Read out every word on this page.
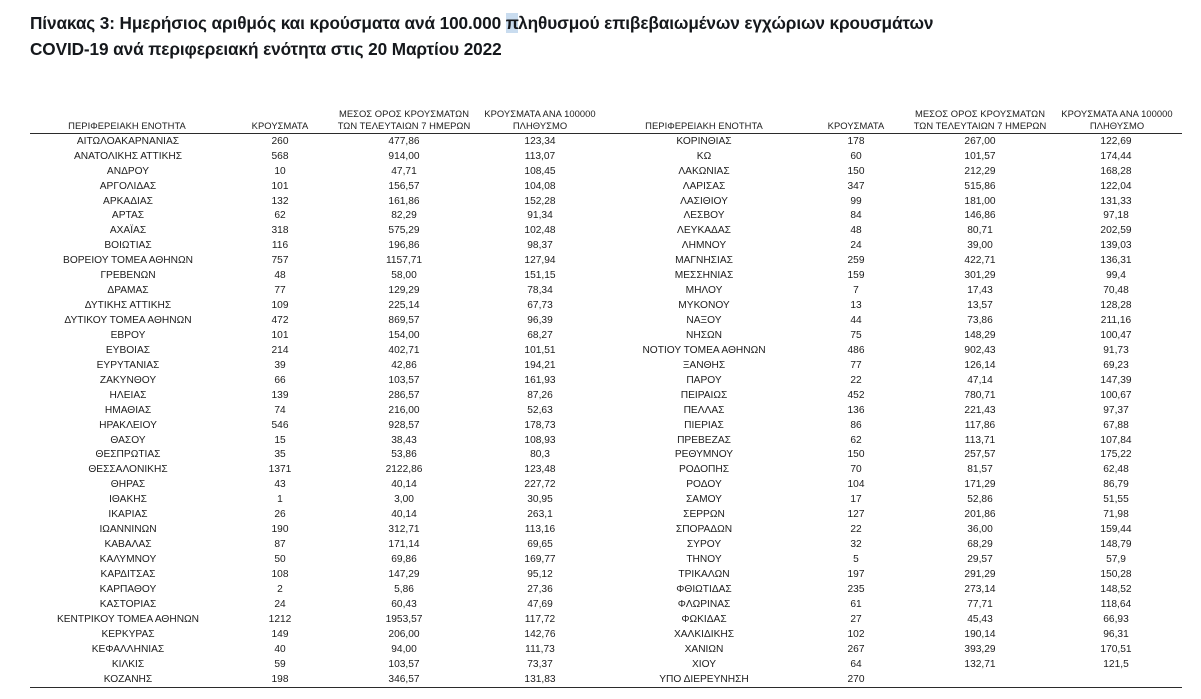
Πίνακας 3: Ημερήσιος αριθμός και κρούσματα ανά 100.000 πληθυσμού επιβεβαιωμένων εγχώριων κρουσμάτων
COVID-19 ανά περιφερειακή ενότητα στις 20 Μαρτίου 2022

ΠΕΡΙΦΕΡΕΙΑΚΗ ΕΝΟΤΗΤΑ	ΚΡΟΥΣΜΑΤΑ	ΜΕΣΟΣ ΟΡΟΣ ΚΡΟΥΣΜΑΤΩΝ
ΤΩΝ ΤΕΛΕΥΤΑΙΩΝ 7 ΗΜΕΡΩΝ	ΚΡΟΥΣΜΑΤΑ ΑΝΑ 100000
ΠΛΗΘΥΣΜΟ
ΑΙΤΩΛΟΑΚΑΡΝΑΝΙΑΣ	260	477,86	123,34
ΑΝΑΤΟΛΙΚΗΣ ΑΤΤΙΚΗΣ	568	914,00	113,07
ΑΝΔΡΟΥ	10	47,71	108,45
ΑΡΓΟΛΙΔΑΣ	101	156,57	104,08
ΑΡΚΑΔΙΑΣ	132	161,86	152,28
ΑΡΤΑΣ	62	82,29	91,34
ΑΧΑΪΑΣ	318	575,29	102,48
ΒΟΙΩΤΙΑΣ	116	196,86	98,37
ΒΟΡΕΙΟΥ ΤΟΜΕΑ ΑΘΗΝΩΝ	757	1157,71	127,94
ΓΡΕΒΕΝΩΝ	48	58,00	151,15
ΔΡΑΜΑΣ	77	129,29	78,34
ΔΥΤΙΚΗΣ ΑΤΤΙΚΗΣ	109	225,14	67,73
ΔΥΤΙΚΟΥ ΤΟΜΕΑ ΑΘΗΝΩΝ	472	869,57	96,39
ΕΒΡΟΥ	101	154,00	68,27
ΕΥΒΟΙΑΣ	214	402,71	101,51
ΕΥΡΥΤΑΝΙΑΣ	39	42,86	194,21
ΖΑΚΥΝΘΟΥ	66	103,57	161,93
ΗΛΕΙΑΣ	139	286,57	87,26
ΗΜΑΘΙΑΣ	74	216,00	52,63
ΗΡΑΚΛΕΙΟΥ	546	928,57	178,73
ΘΑΣΟΥ	15	38,43	108,93
ΘΕΣΠΡΩΤΙΑΣ	35	53,86	80,3
ΘΕΣΣΑΛΟΝΙΚΗΣ	1371	2122,86	123,48
ΘΗΡΑΣ	43	40,14	227,72
ΙΘΑΚΗΣ	1	3,00	30,95
ΙΚΑΡΙΑΣ	26	40,14	263,1
ΙΩΑΝΝΙΝΩΝ	190	312,71	113,16
ΚΑΒΑΛΑΣ	87	171,14	69,65
ΚΑΛΥΜΝΟΥ	50	69,86	169,77
ΚΑΡΔΙΤΣΑΣ	108	147,29	95,12
ΚΑΡΠΑΘΟΥ	2	5,86	27,36
ΚΑΣΤΟΡΙΑΣ	24	60,43	47,69
ΚΕΝΤΡΙΚΟΥ ΤΟΜΕΑ ΑΘΗΝΩΝ	1212	1953,57	117,72
ΚΕΡΚΥΡΑΣ	149	206,00	142,76
ΚΕΦΑΛΛΗΝΙΑΣ	40	94,00	111,73
ΚΙΛΚΙΣ	59	103,57	73,37
ΚΟΖΑΝΗΣ	198	346,57	131,83

ΠΕΡΙΦΕΡΕΙΑΚΗ ΕΝΟΤΗΤΑ	ΚΡΟΥΣΜΑΤΑ	ΜΕΣΟΣ ΟΡΟΣ ΚΡΟΥΣΜΑΤΩΝ
ΤΩΝ ΤΕΛΕΥΤΑΙΩΝ 7 ΗΜΕΡΩΝ	ΚΡΟΥΣΜΑΤΑ ΑΝΑ 100000
ΠΛΗΘΥΣΜΟ
ΚΟΡΙΝΘΙΑΣ	178	267,00	122,69
ΚΩ	60	101,57	174,44
ΛΑΚΩΝΙΑΣ	150	212,29	168,28
ΛΑΡΙΣΑΣ	347	515,86	122,04
ΛΑΣΙΘΙΟΥ	99	181,00	131,33
ΛΕΣΒΟΥ	84	146,86	97,18
ΛΕΥΚΑΔΑΣ	48	80,71	202,59
ΛΗΜΝΟΥ	24	39,00	139,03
ΜΑΓΝΗΣΙΑΣ	259	422,71	136,31
ΜΕΣΣΗΝΙΑΣ	159	301,29	99,4
ΜΗΛΟΥ	7	17,43	70,48
ΜΥΚΟΝΟΥ	13	13,57	128,28
ΝΑΞΟΥ	44	73,86	211,16
ΝΗΣΩΝ	75	148,29	100,47
ΝΟΤΙΟΥ ΤΟΜΕΑ ΑΘΗΝΩΝ	486	902,43	91,73
ΞΑΝΘΗΣ	77	126,14	69,23
ΠΑΡΟΥ	22	47,14	147,39
ΠΕΙΡΑΙΩΣ	452	780,71	100,67
ΠΕΛΛΑΣ	136	221,43	97,37
ΠΙΕΡΙΑΣ	86	117,86	67,88
ΠΡΕΒΕΖΑΣ	62	113,71	107,84
ΡΕΘΥΜΝΟΥ	150	257,57	175,22
ΡΟΔΟΠΗΣ	70	81,57	62,48
ΡΟΔΟΥ	104	171,29	86,79
ΣΑΜΟΥ	17	52,86	51,55
ΣΕΡΡΩΝ	127	201,86	71,98
ΣΠΟΡΑΔΩΝ	22	36,00	159,44
ΣΥΡΟΥ	32	68,29	148,79
ΤΗΝΟΥ	5	29,57	57,9
ΤΡΙΚΑΛΩΝ	197	291,29	150,28
ΦΘΙΩΤΙΔΑΣ	235	273,14	148,52
ΦΛΩΡΙΝΑΣ	61	77,71	118,64
ΦΩΚΙΔΑΣ	27	45,43	66,93
ΧΑΛΚΙΔΙΚΗΣ	102	190,14	96,31
ΧΑΝΙΩΝ	267	393,29	170,51
ΧΙΟΥ	64	132,71	121,5
ΥΠΟ ΔΙΕΡΕΥΝΗΣΗ	270		
